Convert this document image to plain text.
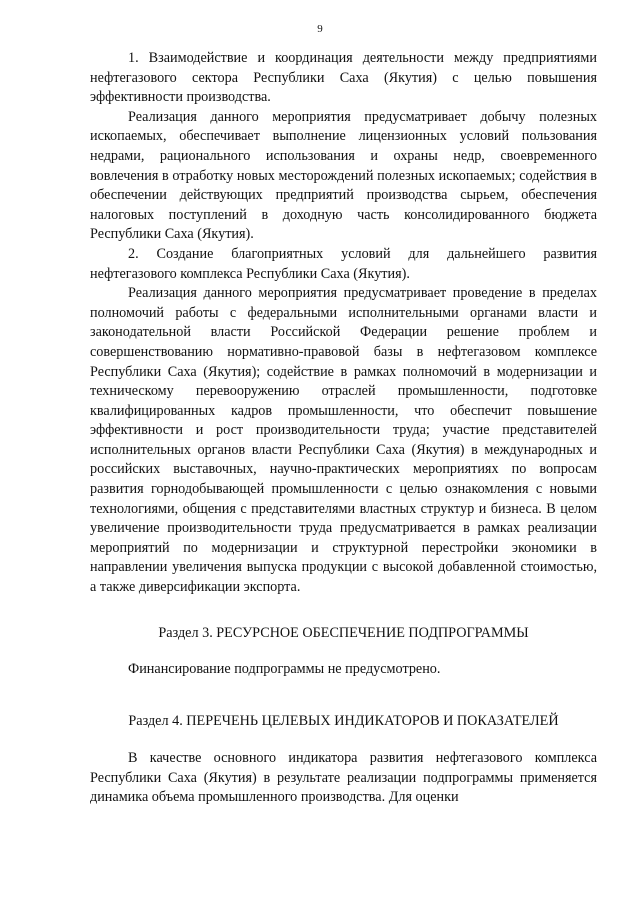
9

1. Взаимодействие и координация деятельности между предприятиями нефтегазового сектора Республики Саха (Якутия) с целью повышения эффективности производства.

Реализация данного мероприятия предусматривает добычу полезных ископаемых, обеспечивает выполнение лицензионных условий пользования недрами, рационального использования и охраны недр, своевременного вовлечения в отработку новых месторождений полезных ископаемых; содействия в обеспечении действующих предприятий производства сырьем, обеспечения налоговых поступлений в доходную часть консолидированного бюджета Республики Саха (Якутия).

2. Создание благоприятных условий для дальнейшего развития нефтегазового комплекса Республики Саха (Якутия).

Реализация данного мероприятия предусматривает проведение в пределах полномочий работы с федеральными исполнительными органами власти и законодательной власти Российской Федерации решение проблем и совершенствованию нормативно-правовой базы в нефтегазовом комплексе Республики Саха (Якутия); содействие в рамках полномочий в модернизации и техническому перевооружению отраслей промышленности, подготовке квалифицированных кадров промышленности, что обеспечит повышение эффективности и рост производительности труда; участие представителей исполнительных органов власти Республики Саха (Якутия) в международных и российских выставочных, научно-практических мероприятиях по вопросам развития горнодобывающей промышленности с целью ознакомления с новыми технологиями, общения с представителями властных структур и бизнеса. В целом увеличение производительности труда предусматривается в рамках реализации мероприятий по модернизации и структурной перестройки экономики в направлении увеличения выпуска продукции с высокой добавленной стоимостью, а также диверсификации экспорта.

Раздел 3. РЕСУРСНОЕ ОБЕСПЕЧЕНИЕ ПОДПРОГРАММЫ
Финансирование подпрограммы не предусмотрено.
Раздел 4. ПЕРЕЧЕНЬ ЦЕЛЕВЫХ ИНДИКАТОРОВ И ПОКАЗАТЕЛЕЙ

В качестве основного индикатора развития нефтегазового комплекса Республики Саха (Якутия) в результате реализации подпрограммы применяется динамика объема промышленного производства. Для оценки
